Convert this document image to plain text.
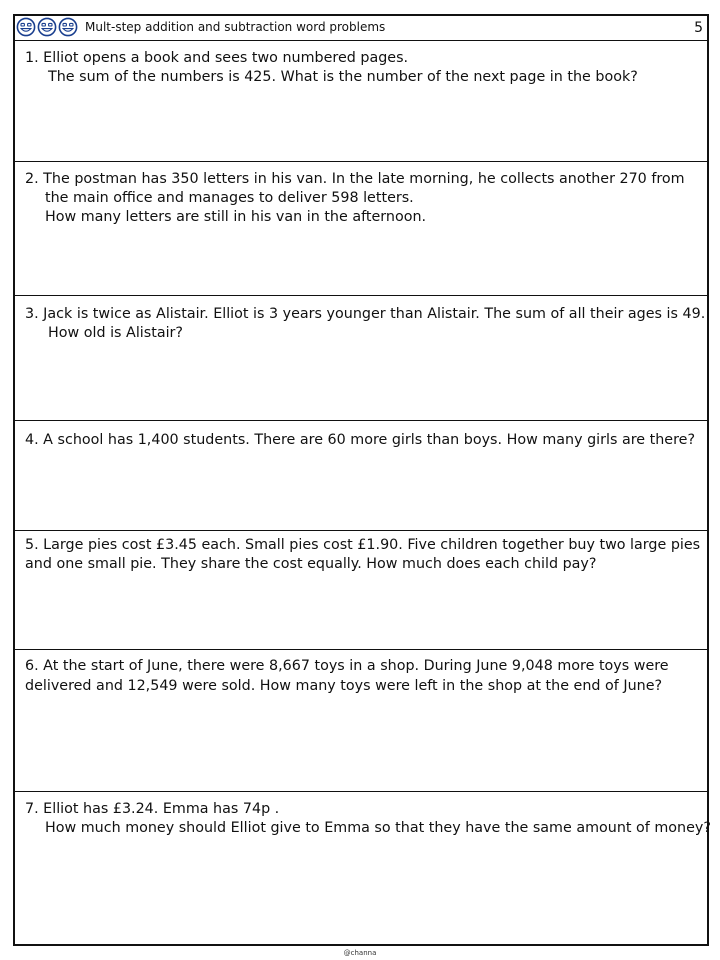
Mult-step addition and subtraction word problems	5
1. Elliot opens a book and sees two numbered pages.
The sum of the numbers is 425. What is the number of the next page in the book?
2. The postman has 350 letters in his van. In the late morning, he collects another 270 from
the main office and manages to deliver 598 letters.
How many letters are still in his van in the afternoon.
3. Jack is twice as Alistair. Elliot is 3 years younger than Alistair. The sum of all their ages is 49.
How old is Alistair?
4. A school has 1,400 students. There are 60 more girls than boys. How many girls are there?
5. Large pies cost £3.45 each. Small pies cost £1.90. Five children together buy two large pies
and one small pie. They share the cost equally. How much does each child pay?
6. At the start of June, there were 8,667 toys in a shop. During June 9,048 more toys were
delivered and 12,549 were sold. How many toys were left in the shop at the end of June?
7. Elliot has £3.24. Emma has 74p .
How much money should Elliot give to Emma so that they have the same amount of money?
@channa
